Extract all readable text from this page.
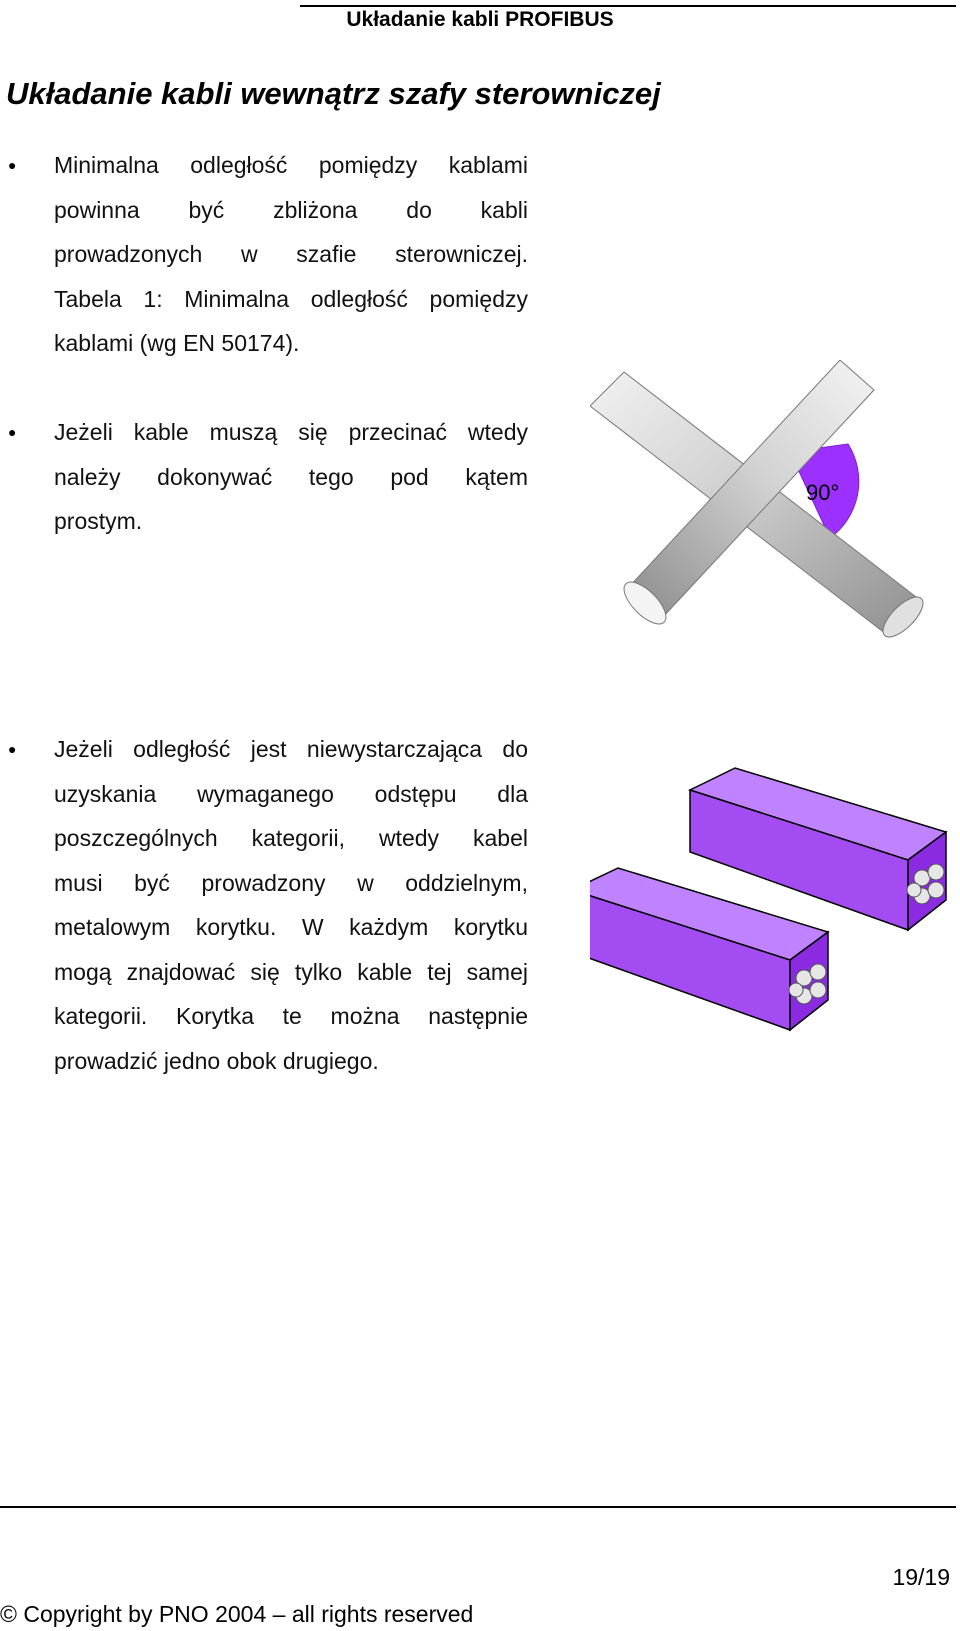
Układanie kabli PROFIBUS
Układanie kabli wewnątrz szafy sterowniczej
● Minimalna odległość pomiędzy kablami
powinna być zbliżona do kabli
prowadzonych w szafie sterowniczej.
Tabela 1: Minimalna odległość pomiędzy
kablami (wg EN 50174).
● Jeżeli kable muszą się przecinać wtedy
należy dokonywać tego pod kątem
prostym.
● Jeżeli odległość jest niewystarczająca do
uzyskania wymaganego odstępu dla
poszczególnych kategorii, wtedy kabel
musi być prowadzony w oddzielnym,
metalowym korytku. W każdym korytku
mogą znajdować się tylko kable tej samej
kategorii. Korytka te można następnie
prowadzić jedno obok drugiego.
90°
19/19
© Copyright by PNO 2004 – all rights reserved
